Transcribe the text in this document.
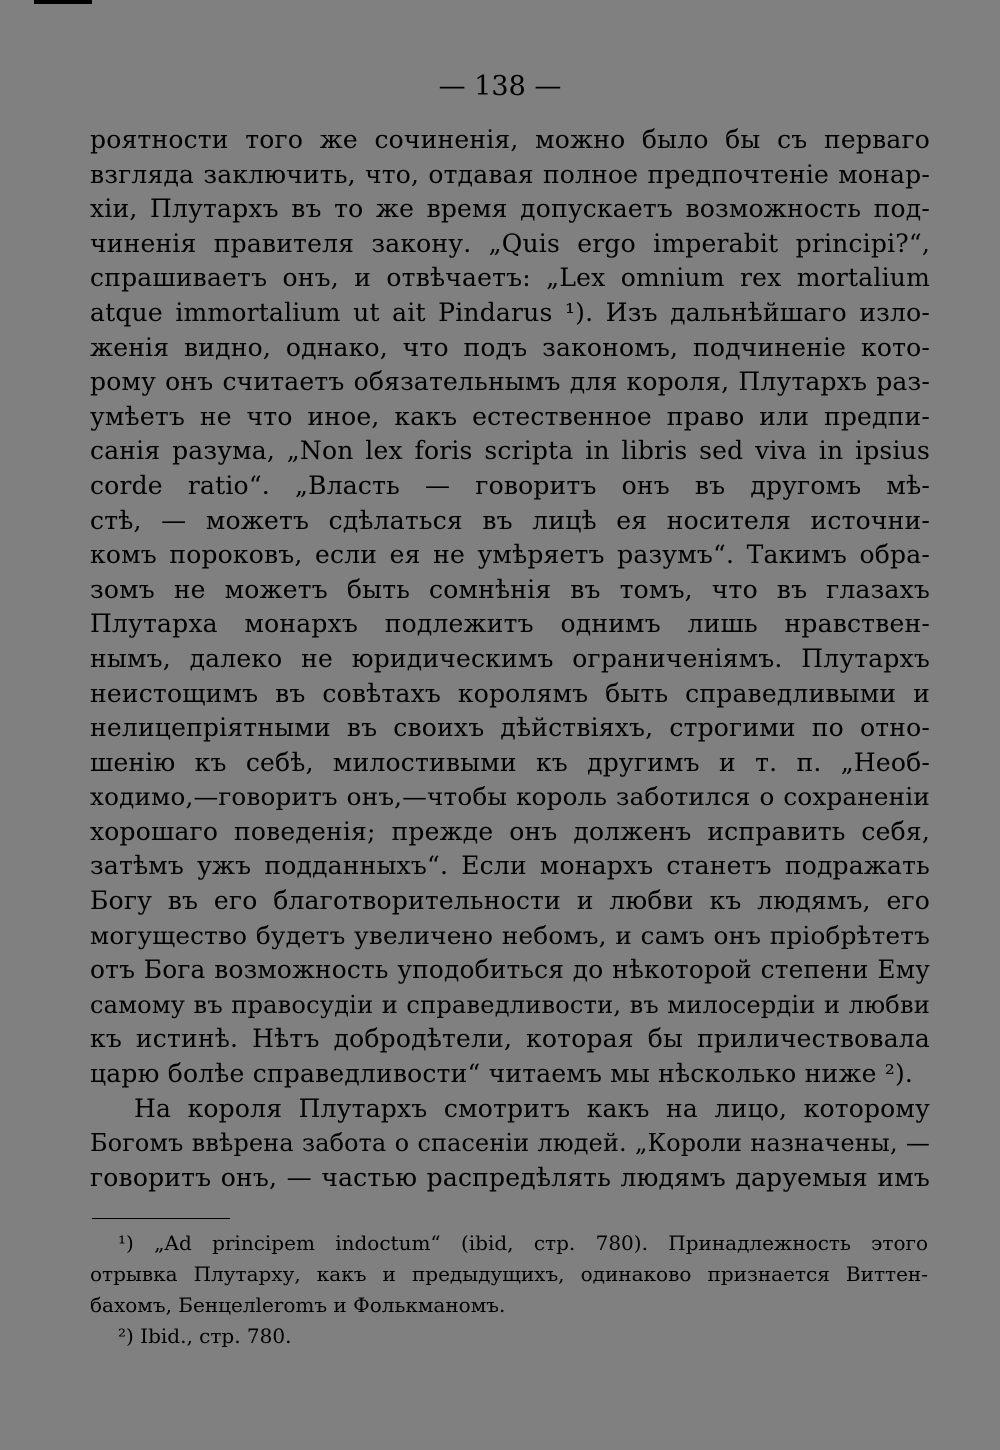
— 138 —

роятности того же сочиненія, можно было бы съ перваго
взгляда заключить, что, отдавая полное предпочтеніе монар-
хіи, Плутархъ въ то же время допускаетъ возможность под-
чиненія правителя закону. „Quis ergo imperabit principi?“,
спрашиваетъ онъ, и отвѣчаетъ: „Lex omnium rex mortalium
atque immortalium ut ait Pindarus ¹). Изъ дальнѣйшаго изло-
женія видно, однако, что подъ закономъ, подчиненіе кото-
рому онъ считаетъ обязательнымъ для короля, Плутархъ раз-
умѣетъ не что иное, какъ естественное право или предпи-
санія разума, „Non lex foris scripta in libris sed viva in ipsius
corde ratio“. „Власть — говоритъ онъ въ другомъ мѣ-
стѣ, — можетъ сдѣлаться въ лицѣ ея носителя источни-
комъ пороковъ, если ея не умѣряетъ разумъ“. Такимъ обра-
зомъ не можетъ быть сомнѣнія въ томъ, что въ глазахъ
Плутарха монархъ подлежитъ однимъ лишь нравствен-
нымъ, далеко не юридическимъ ограниченіямъ. Плутархъ
неистощимъ въ совѣтахъ королямъ быть справедливыми и
нелицепріятными въ своихъ дѣйствіяхъ, строгими по отно-
шенію къ себѣ, милостивыми къ другимъ и т. п. „Необ-
ходимо,—говоритъ онъ,—чтобы король заботился о сохраненіи
хорошаго поведенія; прежде онъ долженъ исправить себя,
затѣмъ ужъ подданныхъ“. Если монархъ станетъ подражать
Богу въ его благотворительности и любви къ людямъ, его
могущество будетъ увеличено небомъ, и самъ онъ пріобрѣтетъ
отъ Бога возможность уподобиться до нѣкоторой степени Ему
самому въ правосудіи и справедливости, въ милосердіи и любви
къ истинѣ. Нѣтъ добродѣтели, которая бы приличествовала
царю болѣе справедливости“ читаемъ мы нѣсколько ниже ²).

На короля Плутархъ смотритъ какъ на лицо, которому
Богомъ ввѣрена забота о спасеніи людей. „Короли назначены, —
говоритъ онъ, — частью распредѣлять людямъ даруемыя имъ

¹) „Ad principem indoctum“ (ibid, стр. 780). Принадлежность этого
отрывка Плутарху, какъ и предыдущихъ, одинаково признается Виттен-
бахомъ, Бенцелleromъ и Фолькманомъ.
²) Ibid., стр. 780.
